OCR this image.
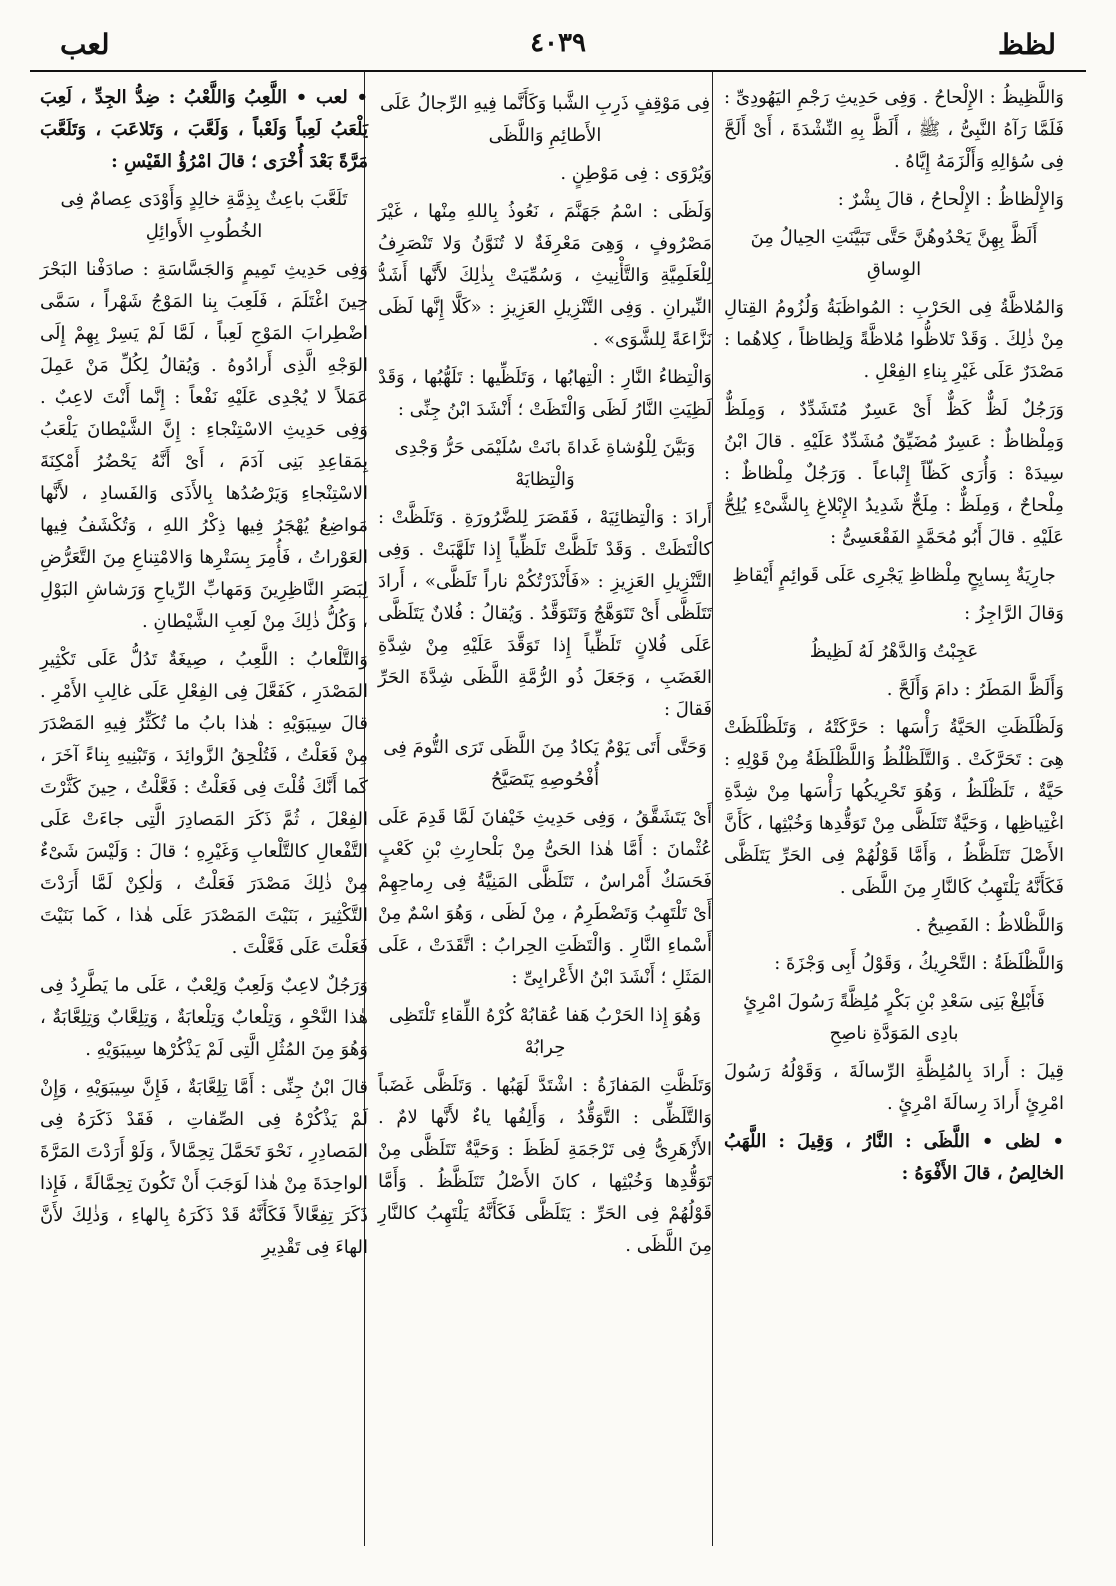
لظظ
٤٠٣٩
لعب

وَاللَّظِيظُ : الإِلْحاحُ . وَفِى حَدِيثِ رَجْمِ اليَهُودِىِّ : فَلَمَّا رَآهُ النَّبِىُّ ، ﷺ ، أَلَظَّ بِهِ النِّشْدَةَ ، أَىْ أَلَحَّ فِى سُؤالِهِ وَأَلْزَمَهُ إِيَّاهُ .

وَالإِلْظاظُ : الإِلْحاحُ ، قالَ بِشْرٌ :

أَلَظَّ بِهِنَّ يَحْدُوهُنَّ حَتَّى تَبَيَّنَتِ الحِيالُ مِنَ الوِساقِ

وَالمُلاظَّةُ فِى الحَرْبِ : المُواظَبَةُ وَلُزُومُ القِتالِ مِنْ ذٰلِكَ . وَقَدْ تَلاظُّوا مُلاظَّةً وَلِظاظاً ، كِلاهُما : مَصْدَرٌ عَلَى غَيْرِ بِناءِ الفِعْلِ .

وَرَجُلٌ لَظٌّ كَظٌّ أَىْ عَسِرٌ مُتَشَدِّدٌ ، وَمِلَظٌّ وَمِلْظاظٌ : عَسِرٌ مُضَيِّقٌ مُشَدِّدٌ عَلَيْهِ . قالَ ابْنُ سِيدَهْ : وَأُرَى كَظّاً إِتْباعاً . وَرَجُلٌ مِلْظاظٌ : مِلْحاحٌ ، وَمِلَظٌّ : مِلَحٌّ شَدِيدُ الإِبْلاغِ بِالشَّىْءِ يُلِحُّ عَلَيْهِ . قالَ أَبُو مُحَمَّدٍ الفَقْعَسِىُّ :

جارِيَةٌ بِسابِحٍ مِلْظاظِ يَجْرِى عَلَى قَوائِمٍ أَيْقاظِ

وَقالَ الرَّاجِزُ :

عَجِبْتُ وَالدَّهْرُ لَهُ لَظِيظُ

وَأَلَظَّ المَطَرُ : دامَ وَأَلَحَّ .

وَلَظْلَظَتِ الحَيَّةُ رَأْسَها : حَرَّكَتْهُ ، وَتَلَظْلَظَتْ هِىَ : تَحَرَّكَتْ . وَالتَّلَظْلُظُ وَاللَّظْلَظَةُ مِنْ قَوْلِهِ : حَيَّةٌ ، تَلَظْلَظُ ، وَهُوَ تَحْرِيكُها رَأْسَها مِنْ شِدَّةِ اغْتِياظِها ، وَحَيَّةٌ تَتَلَظَّى مِنْ تَوَقُّدِها وَخُبْثِها ، كَأَنَّ الأَصْلَ تَتَلَظَّظُ ، وَأَمَّا قَوْلُهُمْ فِى الحَرِّ يَتَلَظَّى فَكَأَنَّهُ يَلْتَهِبُ كَالنَّارِ مِنَ اللَّظَى .

وَاللَّظْلاظُ : الفَصِيحُ .

وَاللَّظْلَظَةُ : التَّحْرِيكُ ، وَقَوْلُ أَبِى وَجْزَةَ :

فَأَبْلِغْ بَنِى سَعْدِ بْنِ بَكْرٍ مُلِظَّةً رَسُولَ امْرِئٍ بادِى المَوَدَّةِ ناصِحِ

قِيلَ : أَرادَ بِالمُلِظَّةِ الرِّسالَةَ ، وَقَوْلُهُ رَسُولَ امْرِئٍ أَرادَ رِسالَةَ امْرِئٍ .

• لظى • اللَّظَى : النَّارُ ، وَقِيلَ : اللَّهَبُ الخالِصُ ، قالَ الأَفْوَهُ :

فِى مَوْقِفٍ ذَرِبِ الشَّبا وَكَأَنَّما فِيهِ الرِّجالُ عَلَى الأَطائِمِ وَاللَّظَى

وَيُرْوَى : فِى مَوْطِنٍ .

وَلَظَى : اسْمُ جَهَنَّمَ ، نَعُوذُ بِاللهِ مِنْها ، غَيْرَ مَصْرُوفٍ ، وَهِىَ مَعْرِفَةٌ لا تُنَوَّنُ وَلا تَنْصَرِفُ لِلْعَلَمِيَّةِ وَالتَّأْنِيثِ ، وَسُمِّيَتْ بِذٰلِكَ لأَنَّها أَشَدُّ النِّيرانِ . وَفِى التَّنْزِيلِ العَزِيزِ : «كَلَّا إِنَّها لَظَى نَزَّاعَةً لِلشَّوَى» .

وَالْتِظاءُ النَّارِ : الْتِهابُها ، وَتَلَظِّيها : تَلَهُّبُها ، وَقَدْ لَظِيَتِ النَّارُ لَظَى وَالْتَظَتْ ؛ أَنْشَدَ ابْنُ جِنِّى :

وَبَيَّنَ لِلْوُشاةِ غَداةَ بانَتْ سُلَيْمَى حَرُّ وَجْدِى وَالْتِظايَهْ

أَرادَ : وَالْتِظائِيَهْ ، فَقَصَرَ لِلضَّرُورَةِ . وَتَلَظَّتْ : كالْتَظَتْ . وَقَدْ تَلَظَّتْ تَلَظِّياً إِذا تَلَهَّبَتْ . وَفِى التَّنْزِيلِ العَزِيزِ : «فَأَنْذَرْتُكُمْ ناراً تَلَظَّى» ، أَرادَ تَتَلَظَّى أَىْ تَتَوَهَّجُ وَتَتَوَقَّدُ . وَيُقالُ : فُلانٌ يَتَلَظَّى عَلَى فُلانٍ تَلَظِّياً إِذا تَوَقَّدَ عَلَيْهِ مِنْ شِدَّةِ الغَضَبِ ، وَجَعَلَ ذُو الرُّمَّةِ اللَّظَى شِدَّةَ الحَرِّ فَقالَ :

وَحَتَّى أَتَى يَوْمٌ يَكادُ مِنَ اللَّظَى تَرَى التُّومَ فِى أُفْحُوصِهِ يَتَصَيَّحُ

أَىْ يَتَشَقَّقُ ، وَفِى حَدِيثِ خَيْفانَ لَمَّا قَدِمَ عَلَى عُثْمانَ : أَمَّا هٰذا الحَىُّ مِنْ بَلْحارِثِ بْنِ كَعْبٍ فَحَسَكٌ أَمْراسٌ ، تَتَلَظَّى المَنِيَّةُ فِى رِماحِهِمْ أَىْ تَلْتَهِبُ وَتَضْطَرِمُ ، مِنْ لَظَى ، وَهُوَ اسْمٌ مِنْ أَسْماءِ النَّارِ . وَالْتَظَتِ الحِرابُ : اتَّقَدَتْ ، عَلَى المَثَلِ ؛ أَنْشَدَ ابْنُ الأَعْرابِىِّ :

وَهُوَ إِذا الحَرْبُ هَفا عُقابُهْ كُرْهُ اللِّقاءِ تَلْتَظِى حِرابُهْ

وَتَلَظَّتِ المَفازَةُ : اشْتَدَّ لَهَبُها . وَتَلَظَّى غَضَباً وَالتَّلَظِّى : التَّوَقُّدُ ، وَأَلِفُها ياءٌ لأَنَّها لامٌ . الأَزْهَرِىُّ فِى تَرْجَمَةِ لَظَظَ : وَحَيَّةٌ تَتَلَظَّى مِنْ تَوَقُّدِها وَخُبْثِها ، كانَ الأَصْلُ تَتَلَظَّظُ . وَأَمَّا قَوْلُهُمْ فِى الحَرِّ : يَتَلَظَّى فَكَأَنَّهُ يَلْتَهِبُ كالنَّارِ مِنَ اللَّظَى .

• لعب • اللَّعِبُ وَاللَّعْبُ : ضِدُّ الجِدِّ ، لَعِبَ يَلْعَبُ لَعِباً وَلَعْباً ، وَلَعَّبَ ، وَتَلاعَبَ ، وَتَلَعَّبَ مَرَّةً بَعْدَ أُخْرَى ؛ قالَ امْرُؤُ القَيْسِ :

تَلَعَّبَ باعِثٌ بِذِمَّةِ خالِدٍ وَأَوْدَى عِصامٌ فِى الخُطُوبِ الأَوائِلِ

وَفِى حَدِيثِ تَمِيمٍ وَالجَسَّاسَةِ : صادَفْنا البَحْرَ حِينَ اغْتَلَمَ ، فَلَعِبَ بِنا المَوْجُ شَهْراً ، سَمَّى اضْطِرابَ المَوْجِ لَعِباً ، لَمَّا لَمْ يَسِرْ بِهِمْ إِلَى الوَجْهِ الَّذِى أَرادُوهُ . وَيُقالُ لِكُلِّ مَنْ عَمِلَ عَمَلاً لا يُجْدِى عَلَيْهِ نَفْعاً : إِنَّما أَنْتَ لاعِبٌ . وَفِى حَدِيثِ الاسْتِنْجاءِ : إِنَّ الشَّيْطانَ يَلْعَبُ بِمَقاعِدِ بَنِى آدَمَ ، أَىْ أَنَّهُ يَحْضُرُ أَمْكِنَةَ الاسْتِنْجاءِ وَيَرْصُدُها بِالأَذَى وَالفَسادِ ، لأَنَّها مَواضِعُ يُهْجَرُ فِيها ذِكْرُ اللهِ ، وَتُكْشَفُ فِيها العَوْراتُ ، فَأُمِرَ بِسَتْرِها وَالامْتِناعِ مِنَ التَّعَرُّضِ لِبَصَرِ النَّاظِرِينَ وَمَهابِّ الرِّياحِ وَرَشاشِ البَوْلِ ، وَكُلُّ ذٰلِكَ مِنْ لَعِبِ الشَّيْطانِ .

وَالتَّلْعابُ : اللَّعِبُ ، صِيغَةٌ تَدُلُّ عَلَى تَكْثِيرِ المَصْدَرِ ، كَفَعَّلَ فِى الفِعْلِ عَلَى غالِبِ الأَمْرِ . قالَ سِيبَوَيْهِ : هٰذا بابُ ما تُكَثِّرُ فِيهِ المَصْدَرَ مِنْ فَعَلْتُ ، فَتُلْحِقُ الزَّوائِدَ ، وَتَبْنِيهِ بِناءً آخَرَ ، كَما أَنَّكَ قُلْتَ فِى فَعَلْتُ : فَعَّلْتُ ، حِينَ كَثَّرْتَ الفِعْلَ ، ثُمَّ ذَكَرَ المَصادِرَ الَّتِى جاءَتْ عَلَى التَّفْعالِ كالتَّلْعابِ وَغَيْرِهِ ؛ قالَ : وَلَيْسَ شَىْءٌ مِنْ ذٰلِكَ مَصْدَرَ فَعَلْتُ ، وَلٰكِنْ لَمَّا أَرَدْتَ التَّكْثِيرَ ، بَنَيْتَ المَصْدَرَ عَلَى هٰذا ، كَما بَنَيْتَ فَعَلْتَ عَلَى فَعَّلْتَ .

وَرَجُلٌ لاعِبٌ وَلَعِبٌ وَلِعْبٌ ، عَلَى ما يَطَّرِدُ فِى هٰذا النَّحْوِ ، وَتِلْعابٌ وَتِلْعابَةٌ ، وَتِلِعَّابٌ وَتِلِعَّابَةٌ ، وَهُوَ مِنَ المُثُلِ الَّتِى لَمْ يَذْكُرْها سِيبَوَيْهِ .

قالَ ابْنُ جِنِّى : أَمَّا تِلِعَّابَةٌ ، فَإِنَّ سِيبَوَيْهِ ، وَإِنْ لَمْ يَذْكُرْهُ فِى الصِّفاتِ ، فَقَدْ ذَكَرَهُ فِى المَصادِرِ ، نَحْوَ تَحَمَّلَ تِحِمَّالاً ، وَلَوْ أَرَدْتَ المَرَّةَ الواحِدَةَ مِنْ هٰذا لَوَجَبَ أَنْ تَكُونَ تِحِمَّالَةً ، فَإِذا ذَكَرَ تِفِعَّالاً فَكَأَنَّهُ قَدْ ذَكَرَهُ بِالهاءِ ، وَذٰلِكَ لأَنَّ الهاءَ فِى تَقْدِيرِ
